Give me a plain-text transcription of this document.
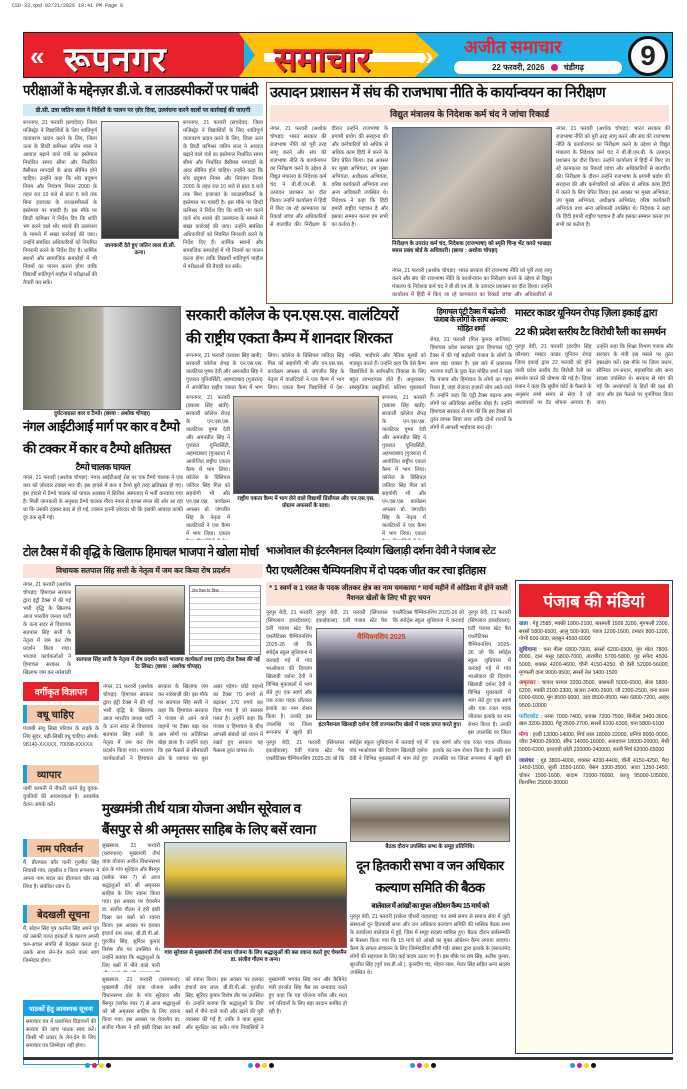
CSD-33.qxd 02/21/2026 19:41 PM Page 9
«	»
रूपनगर	समाचार	अजीत समाचार
22 फरवरी, 2026 चंडीगढ़	9
परीक्षाओं के मद्देनज़र डी.जे. व लाउडस्पीकरों पर पाबंदी
डी.सी. उत्रा जतिन लाल ने निर्देशों के पालन पर ज़ोर दिया, उल्लंघना करने वालों पर कार्रवाई की जाएगी
रूपनगर, 21 फरवरी (सचदेवा): जिला मजिस्ट्रेट ने विद्यार्थियों के लिए शांतिपूर्ण वातावरण प्रदान करने के लिए, जिला ऊना के डिप्टी कमिश्नर जतिन लाल ने आवाज़ बढ़ाने वाले यंत्रों का इस्तेमाल निर्धारित समय सीमा और निर्धारित डैसीबल मापदंडों के अंदर सीमित होने चाहिए। उन्होंने कहा कि शोर प्रदूषण नियम और नियंत्रण नियम 2000 के तहत रात 10 बजे से प्रातः 6 बजे तक बिना इजाजत के लाउडस्पीकरों के इस्तेमाल पर पाबंदी है। इस मौके पर डिप्टी कमिश्नर ने निर्देश दिए कि शांति भंग करने वाले शोर शराबे की उल्लंघना के मामले में सख्त कार्रवाई की जाए। उन्होंने संबंधित अधिकारियों को नियमित निगरानी करने के निर्देश दिए हैं। धार्मिक स्थानों और सामाजिक समारोहों में भी नियमों का पालन करना होगा ताकि विद्यार्थी शांतिपूर्ण माहौल में परीक्षाओं की तैयारी कर सकें।
जानकारी देते हुए जतिन लाल डी.सी. ऊना।
रूपनगर, 21 फरवरी (सचदेवा): जिला मजिस्ट्रेट ने विद्यार्थियों के लिए शांतिपूर्ण वातावरण प्रदान करने के लिए, जिला ऊना के डिप्टी कमिश्नर जतिन लाल ने आवाज़ बढ़ाने वाले यंत्रों का इस्तेमाल निर्धारित समय सीमा और निर्धारित डैसीबल मापदंडों के अंदर सीमित होने चाहिए। उन्होंने कहा कि शोर प्रदूषण नियम और नियंत्रण नियम 2000 के तहत रात 10 बजे से प्रातः 6 बजे तक बिना इजाजत के लाउडस्पीकरों के इस्तेमाल पर पाबंदी है। इस मौके पर डिप्टी कमिश्नर ने निर्देश दिए कि शांति भंग करने वाले शोर शराबे की उल्लंघना के मामले में सख्त कार्रवाई की जाए। उन्होंने संबंधित अधिकारियों को नियमित निगरानी करने के निर्देश दिए हैं। धार्मिक स्थानों और सामाजिक समारोहों में भी नियमों का पालन करना होगा ताकि विद्यार्थी शांतिपूर्ण माहौल में परीक्षाओं की तैयारी कर सकें।
उत्पादन प्रशासन में संघ की राजभाषा नीति के कार्यान्वयन का निरीक्षण
विद्युत मंत्रालय के निदेशक कर्म चंद ने जांचा रिकार्ड
नंगल, 21 फरवरी (अशोक चोपड़ा): भारत सरकार की राजभाषा नीति को पूरी तरह लागू करने और संघ की राजभाषा नीति के कार्यान्वयन का निरीक्षण करने के उद्देश्य से विद्युत मंत्रालय के निदेशक कर्म चंद ने बी.बी.एम.बी. के उत्पादन प्रशासन का दौरा किया। उन्होंने कार्यालय में हिंदी में किए जा रहे कामकाज का रिकार्ड जांचा और अधिकारियों से बातचीत की। निरीक्षण के दौरान उन्होंने राजभाषा के प्रगामी प्रयोग की सराहना की और कर्मचारियों को अधिक से अधिक काम हिंदी में करने के लिए प्रेरित किया। इस अवसर पर मुख्य अभियंता, उप मुख्य अभियंता, अधीक्षक अभियंता, वरिष्ठ कार्यकारी अभियंता तथा अन्य अधिकारी उपस्थित थे। निदेशक ने कहा कि हिंदी हमारी राष्ट्रीय पहचान है और इसका सम्मान करना हम सभी का कर्तव्य है।
निरीक्षण के उपरांत कर्म चंद, निदेशक (राजभाषा) को स्मृति चिन्ह भेंट करते भाखड़ा ब्यास प्रबंध बोर्ड के अधिकारी। (छाया : अशोक चोपड़ा)
नंगल, 21 फरवरी (अशोक चोपड़ा): भारत सरकार की राजभाषा नीति को पूरी तरह लागू करने और संघ की राजभाषा नीति के कार्यान्वयन का निरीक्षण करने के उद्देश्य से विद्युत मंत्रालय के निदेशक कर्म चंद ने बी.बी.एम.बी. के उत्पादन प्रशासन का दौरा किया। उन्होंने कार्यालय में हिंदी में किए जा रहे कामकाज का रिकार्ड जांचा और अधिकारियों से
नंगल, 21 फरवरी (अशोक चोपड़ा): भारत सरकार की राजभाषा नीति को पूरी तरह लागू करने और संघ की राजभाषा नीति के कार्यान्वयन का निरीक्षण करने के उद्देश्य से विद्युत मंत्रालय के निदेशक कर्म चंद ने बी.बी.एम.बी. के उत्पादन प्रशासन का दौरा किया। उन्होंने कार्यालय में हिंदी में किए जा रहे कामकाज का रिकार्ड जांचा और अधिकारियों से बातचीत की। निरीक्षण के दौरान उन्होंने राजभाषा के प्रगामी प्रयोग की सराहना की और कर्मचारियों को अधिक से अधिक काम हिंदी में करने के लिए प्रेरित किया। इस अवसर पर मुख्य अभियंता, उप मुख्य अभियंता, अधीक्षक अभियंता, वरिष्ठ कार्यकारी अभियंता तथा अन्य अधिकारी उपस्थित थे। निदेशक ने कहा कि हिंदी हमारी राष्ट्रीय पहचान है और इसका सम्मान करना हम सभी का कर्तव्य है।
दुर्घटनाग्रस्त कार व टैम्पो। (छाया : अशोक चोपड़ा)
नंगल आईटीआई मार्ग पर कार व टैम्पो
की टक्कर में कार व टैम्पो क्षतिग्रस्त
टैम्पो चालक घायल
नंगल, 21 फरवरी (अशोक चोपड़ा): नंगल आईटीआई रोड पर एक टैम्पो चालक ने एक कार को ज़ोरदार टक्कर मार दी। इस हादसे में कार व टैम्पो बुरी तरह क्षतिग्रस्त हो गए। इस हादसे में टैम्पो चालक को घायल अवस्था में सिविल अस्पताल में भर्ती करवाया गया है। मिली जानकारी के अनुसार टैम्पो चालक गौरव नंगल से वापस नंगल की ओर आ रहा था कि उसकी टक्कर कार से हो गई, टक्कर इतनी ज़ोरदार थी कि इसकी आवाज़ काफी दूर तक सुनी गई।
सरकारी कॉलेज के एन.एस.एस. वालंटियरों
की राष्ट्रीय एकता कैम्प में शानदार शिरकत
रूपनगर, 21 फरवरी (प्रकाश सिंह खत्री): सरकारी कॉलेज रोपड़ के एन.एस.एस. वालंटियर पुष्पा देवी और अमनप्रीत सिंह ने गुजरात यूनिवर्सिटी, अहमदाबाद (गुजरात) में आयोजित राष्ट्रीय एकता कैम्प में भाग लिया। कॉलेज के प्रिंसिपल जतिंदर सिंह गिल को सहयोगी भी और एन.एस.एस. कार्यक्रम अफसर प्रो. जगजीत सिंह के नेतृत्व में वालंटियरों ने एक कैम्प में भाग लिया। एकता कैम्प विद्यार्थियों में देश-भक्ति, भाईचारे और नैतिक मूल्यों को मज़बूत करते हैं। उन्होंने कहा कि ऐसे कैम्प विद्यार्थियों के सर्वपक्षीय विकास के लिए बहुत लाभदायक होते हैं। अनुशासन, सांस्कृतिक प्रस्तुतियों, प्रतिभा मुकाबलों
रूपनगर, 21 फरवरी (प्रकाश सिंह खत्री): सरकारी कॉलेज रोपड़ के एन.एस.एस. वालंटियर पुष्पा देवी और अमनप्रीत सिंह ने गुजरात यूनिवर्सिटी, अहमदाबाद (गुजरात) में आयोजित राष्ट्रीय एकता कैम्प में भाग लिया। कॉलेज के प्रिंसिपल जतिंदर सिंह गिल को सहयोगी भी और एन.एस.एस. कार्यक्रम अफसर प्रो. जगजीत सिंह के नेतृत्व में वालंटियरों ने एक कैम्प में भाग लिया। एकता
राष्ट्रीय एकता कैम्प में भाग लेने वाले विद्यार्थी प्रिंसीपल और एन.एस.एस. प्रोग्राम अफसरों के साथ।
रूपनगर, 21 फरवरी (प्रकाश सिंह खत्री): सरकारी कॉलेज रोपड़ के एन.एस.एस. वालंटियर पुष्पा देवी और अमनप्रीत सिंह ने गुजरात यूनिवर्सिटी, अहमदाबाद (गुजरात) में आयोजित राष्ट्रीय एकता कैम्प में भाग लिया। कॉलेज के प्रिंसिपल जतिंदर सिंह गिल को सहयोगी भी और एन.एस.एस. कार्यक्रम अफसर प्रो. जगजीत सिंह के नेतृत्व में वालंटियरों ने एक कैम्प में भाग लिया। एकता
हिमाचल एंट्री टैक्स में बढ़ोतरी पंजाब के लोगों के साथ अन्याय: मोहित शर्मा
रोपड़, 21 फरवरी (गिल कुमार बाजिक): हिमाचल प्रदेश सरकार द्वारा हिमाचल एंट्री टैक्स में की गई बढ़ोतरी पंजाब के लोगों के साथ बड़ा धक्का है। इस बारे में प्रकाशक भाजपा पार्टी के युवा नेता मोहित शर्मा ने कहा कि पंजाब और हिमाचल के लोगों का गहरा रिश्ता है, जहां रोज़ाना हज़ारों लोग आते-जाते हैं। उन्होंने कहा कि एंट्री टैक्स बढ़ाना आम लोगों पर अतिरिक्त आर्थिक बोझ है। उन्होंने हिमाचल सरकार से मांग की कि इस टैक्स को तुरंत वापस लिया जाए ताकि दोनों राज्यों के लोगों में आपसी भाईचारा बना रहे।
मास्टर काडर यूनियन रोपड़ ज़िला इकाई द्वारा
22 की प्रदेश स्तरीय टैट विरोधी रैली का समर्थन
नूरपुर बेदी, 21 फरवरी (हरदीप सिंह कौशल): मास्टर काडर यूनियन रोपड़ ज़िला इकाई द्वारा 22 फरवरी को होने वाली प्रदेश स्तरीय टैट विरोधी रैली का समर्थन करने की घोषणा की गई है। ज़िला प्रधान ने कहा कि सुप्रीम कोर्ट के फैसले के अनुसार लम्बे समय से सेवा दे रहे अध्यापकों पर टैट थोपना अन्याय है। उन्होंने कहा कि शिक्षा विभाग पंजाब और सरकार के मंत्री इस मसले पर तुरंत हस्तक्षेप करें। इस मौके पर ज़िला प्रधान, सीनियर उप-प्रधान, महासचिव और अन्य सदस्य उपस्थित थे। सरकार से मांग की गई कि अध्यापकों के हितों की रक्षा की जाए और इस फैसले पर पुनर्विचार किया जाए।
टोल टैक्स में की वृद्धि के खिलाफ हिमाचल भाजपा ने खोला मोर्चा
विधायक सतपाल सिंह सत्ती के नेतृत्व में जम कर किया रोष प्रदर्शन
नंगल, 21 फरवरी (अशोक चोपड़ा): हिमाचल सरकार द्वारा इंट्री टैक्स में की गई भारी वृद्धि के खिलाफ आज भारतीय जनता पार्टी के ऊना सदर से विधायक सतपाल सिंह सत्ती के नेतृत्व में जम कर रोष प्रदर्शन किया गया। भाजपा कार्यकर्ताओं ने हिमाचल सरकार के खिलाफ जम कर नारेबाज़ी
टोल टैक्स रेट लिस्ट
सतपाल सिंह सत्ती के नेतृत्व में रोष प्रदर्शन करते भाजपा कार्यकर्ता तथा (दाएं) टोल टैक्स की नई रेट लिस्ट। (छाया : अशोक चोपड़ा)
नंगल, 21 फरवरी (अशोक चोपड़ा): हिमाचल सरकार द्वारा इंट्री टैक्स में की गई भारी वृद्धि के खिलाफ आज भारतीय जनता पार्टी के ऊना सदर से विधायक सतपाल सिंह सत्ती के नेतृत्व में जम कर रोष प्रदर्शन किया गया। भाजपा कार्यकर्ताओं ने हिमाचल सरकार के खिलाफ जम कर नारेबाज़ी की। इस मौके पर सतपाल सिंह सत्ती ने कहा कि हिमाचल सरकार ने पंजाब से आने वाले वाहनों पर टैक्स बढ़ा कर आम लोगों पर अतिरिक्त बोझ डाला है। उन्होंने कहा कि इस फैसले से सीमावर्ती क्षेत्र के व्यापार पर बुरा असर पड़ेगा। छोटे वाहनों का टैक्स 70 रुपये से बढ़ाकर 170 रुपये कर दिया गया है जो सरासर गलत है। उन्होंने कहा कि पंजाब व हिमाचल के बीच आपसी संबंधों को ध्यान में रखते हुए सरकार यह फैसला तुरंत वापस ले।
वर्गीकृत विज्ञापन
वधू चाहिए
पंजाबी संधू सिख परिवार के लड़के के लिए सुंदर, पढ़ी-लिखी वधू चाहिए। संपर्क: 98140-XXXXX, 70098-XXXXX
व्यापार
नामी कम्पनी में नौकरी करने हेतु युवक-युवतियों की आवश्यकता है। आकर्षक वेतन। संपर्क करें।
नाम परिवर्तन
मैं, प्रीतपाल कौर पत्नी गुरमीत सिंह निवासी गांव, तहसील व जिला रूपनगर ने अपना नाम बदल कर प्रीतपाल कौर रख लिया है। संबंधित ध्यान दें।
बेदखली सूचना
मैं, सोहन सिंह पुत्र करनैल सिंह अपने पुत्र को उसकी गलत हरकतों के कारण अपनी चल-अचल संपत्ति से बेदखल करता हूं। उसके साथ लेन-देन करने वाला स्वयं जिम्मेदार होगा।
पाठकों हेतु आवश्यक सूचना
समाचार पत्र में प्रकाशित विज्ञापनों की सत्यता की जांच पाठक स्वयं करें। किसी भी प्रकार के लेन-देन के लिए समाचार पत्र जिम्मेदार नहीं होगा।
भाओवाल की इंटरनैशनल दिव्यांग खिलाड़ी दर्शना देवी ने पंजाब स्टेट
पैरा एथलैटिक्स चैम्पियनशिप में दो पदक जीत कर रचा इतिहास
* 1 स्वर्ण व 1 रजत के पदक जीतकर क्षेत्र का नाम चमकाया * मार्च महीने में ओडिशा में होने वाली नैशनल खेलों के लिए भी हुए चयन
नूरपुर बेदी, 21 फरवरी (सिंगलाल इकाईवाला): 5वीं पंजाब स्टेट पैरा एथलैटिक्स चैम्पियनशिप 2025-26 जो कि स्पोर्ट्स स्कूल लुधियाना में करवाई गई में गांव भाओवाल की दिव्यांग खिलाड़ी दर्शना देवी ने विभिन्न मुकाबलों में भाग लेते हुए एक स्वर्ण और एक रजत पदक जीतकर इलाके का नाम रोशन किया है। उनकी इस उपलब्धि पर जिला रूपनगर में खुशी की
नूरपुर बेदी, 21 फरवरी (सिंगलाल इकाईवाला): 5वीं पंजाब स्टेट पैरा एथलैटिक्स चैम्पियनशिप 2025-26 जो कि स्पोर्ट्स स्कूल लुधियाना में करवाई
चैम्पियनशिप 2025
इंटरनैशनल खिलाड़ी दर्शना देवी राज्यस्तरीय खेलों में पदक प्राप्त करते हुए।
नूरपुर बेदी, 21 फरवरी (सिंगलाल इकाईवाला): 5वीं पंजाब स्टेट पैरा एथलैटिक्स चैम्पियनशिप 2025-26 जो कि स्पोर्ट्स स्कूल लुधियाना में करवाई गई में गांव भाओवाल की दिव्यांग खिलाड़ी दर्शना देवी ने विभिन्न मुकाबलों में भाग लेते हुए एक स्वर्ण और एक रजत पदक जीतकर इलाके का नाम रोशन किया है। उनकी इस उपलब्धि पर जिला
नूरपुर बेदी, 21 फरवरी (सिंगलाल इकाईवाला): 5वीं पंजाब स्टेट पैरा एथलैटिक्स चैम्पियनशिप 2025-26 जो कि स्पोर्ट्स स्कूल लुधियाना में करवाई गई में गांव भाओवाल की दिव्यांग खिलाड़ी दर्शना देवी ने विभिन्न मुकाबलों में भाग लेते हुए एक स्वर्ण और एक रजत पदक जीतकर इलाके का नाम रोशन किया है। उनकी इस उपलब्धि पर जिला रूपनगर में खुशी की
पंजाब की मंडियां
खन्ना : गेहूं 2585, मक्की 1800-2100, बासमती 1509 3200, मूंगफली 2300, सरसों 5800-6500, आलू 500-900, प्याज 1200-1600, टमाटर 800-1200, गोभी 600-900, लहसुन 4500-6000
लुधियाना : चना पीला 6800-7000, सरसों 6200-6500, मूंग मोटा 7800-8000, दाल मसूर 6800-7000, तारामीरा 5700-5800, गुड़ सफेद 4500-5000, शक्कर 4200-4600, चीनी 4150-4250, घी देसी 52000-56000, मूंगफली दाना 9000-9500, सरसों तेल 1400-1500
अमृतसर : चावल परमल 3200-3500, बासमती 5000-6500, सेला 5800-6200, मक्की 2100-2300, बाजरा 2400-2600, जौ 2300-2500, चना काला 6000-6500, मूंग 8500-9000, उड़द 8500-9500, मसर 6800-7200, अरहर 9500-10000
फरीदकोट : नरमा 7000-7400, कपास 7200-7500, बिनौला 3400-3600, खल 3200-3500, गेहूं 2600-2700, सरसों 6100-6300, चना 5800-6100
मोगा : हल्दी 13000-14000, मिर्च लाल 18000-22000, धनिया 8000-9000, जीरा 24000-26000, सौंफ 14000-16000, अजवायन 18000-20000, मेथी 5800-6200, इलायची छोटी 220000-240000, काली मिर्च 62000-65000
जालंधर : गुड़ 3800-4000, शक्कर 4200-4400, चीनी 4150-4250, मैदा 1450-1500, सूजी 1550-1600, बेसन 3300-3500, आटा 1350-1450, चोकर 1500-1600, बादाम 72000-76000, काजू 95000-105000, किशमिश 25000-30000
मुख्यमंत्री तीर्थ यात्रा योजना अधीन सूरेवाल व
बैंसपुर से श्री अमृतसर साहिब के लिए बसें रवाना
सुखसाल, 21 फरवरी (धरमपाल): मुख्यमंत्री तीर्थ यात्रा योजना अधीन विधानसभा क्षेत्र के गांव सूरेवाल और बैंसपुर (ब्लॉक नंबर 7) से आज श्रद्धालुओं को श्री अमृतसर साहिब के लिए रवाना किया गया। इस अवसर पर चेयरमैन डा. संजीव गौतम ने हरी झंडी दिखा कर बसों को रवाना किया। इस अवसर पर हलका इंचार्ज राम लाल, बी.डी.पी.ओ. गुरजीत सिंह, सुरिंदर कुमार विशेष तौर पर उपस्थित थे। उन्होंने बताया कि श्रद्धालुओं के लिए बसों में पीने वाले पानी
गांव सूरेवाल से मुख्यमंत्री तीर्थ यात्रा योजना के लिए श्रद्धालुओं की बस रवाना करते हुए चेयरमैन डा. संजीव गौतम व अन्य।
सुखसाल, 21 फरवरी (धरमपाल): मुख्यमंत्री तीर्थ यात्रा योजना अधीन विधानसभा क्षेत्र के गांव सूरेवाल और बैंसपुर (ब्लॉक नंबर 7) से आज श्रद्धालुओं को श्री अमृतसर साहिब के लिए रवाना किया गया। इस अवसर पर चेयरमैन डा. संजीव गौतम ने हरी झंडी दिखा कर बसों को रवाना किया। इस अवसर पर हलका इंचार्ज राम लाल, बी.डी.पी.ओ. गुरजीत सिंह, सुरिंदर कुमार विशेष तौर पर उपस्थित थे। उन्होंने बताया कि श्रद्धालुओं के लिए बसों में पीने वाले पानी और खाने की पूरी व्यवस्था की गई है, ताकि वे यात्रा सुखद और सुरक्षित कर सकें। गांव निवासियों ने मुख्यमंत्री भगवंत सिंह मान और कैबिनेट मंत्री हरजोत सिंह बैंस का धन्यवाद करते हुए कहा कि यह योजना गरीब और मध्य वर्ग परिवारों के लिए बड़ा वरदान साबित हो रही है।
बैठक दौरान उपस्थित सभा के समूह प्रतिनिधि।
दून हितकारी सभा व जन अधिकार
कल्याण समिति की बैठक
बालेवाल में आंखों का मुफ्त ऑप्रेशन कैम्प 15 मार्च को
नूरपुर बेदी, 21 फरवरी (राकेश चौधरी वाहलाड़): गत लम्बे समय से समाज सेवा में जुटी संस्थाओं दून हितकारी सभा और जन अधिकार कल्याण समिति की मासिक बैठक सभा के कार्यालय बालेवाल में हुई, जिस में समूह सदस्य शामिल हुए। बैठक दौरान सर्वसम्मति से फैसला किया गया कि 15 मार्च को आंखों का मुफ्त ऑप्रेशन कैम्प लगाया जाएगा। कैम्प के सफल संचालन के लिए जिम्मेदारियां सौंपी गईं। संस्था द्वारा इलाके के ज़रूरतमंद लोगों की सहायता के लिए कई कदम उठाए गए हैं। इस मौके पर राम सिंह, सतीश कुमार, सुरजीत सिंह (पूर्व एस.डी.ओ.), कुलदीप चंद, मोहन लाल, मेजर सिंह सहित अन्य सदस्य उपस्थित थे।
